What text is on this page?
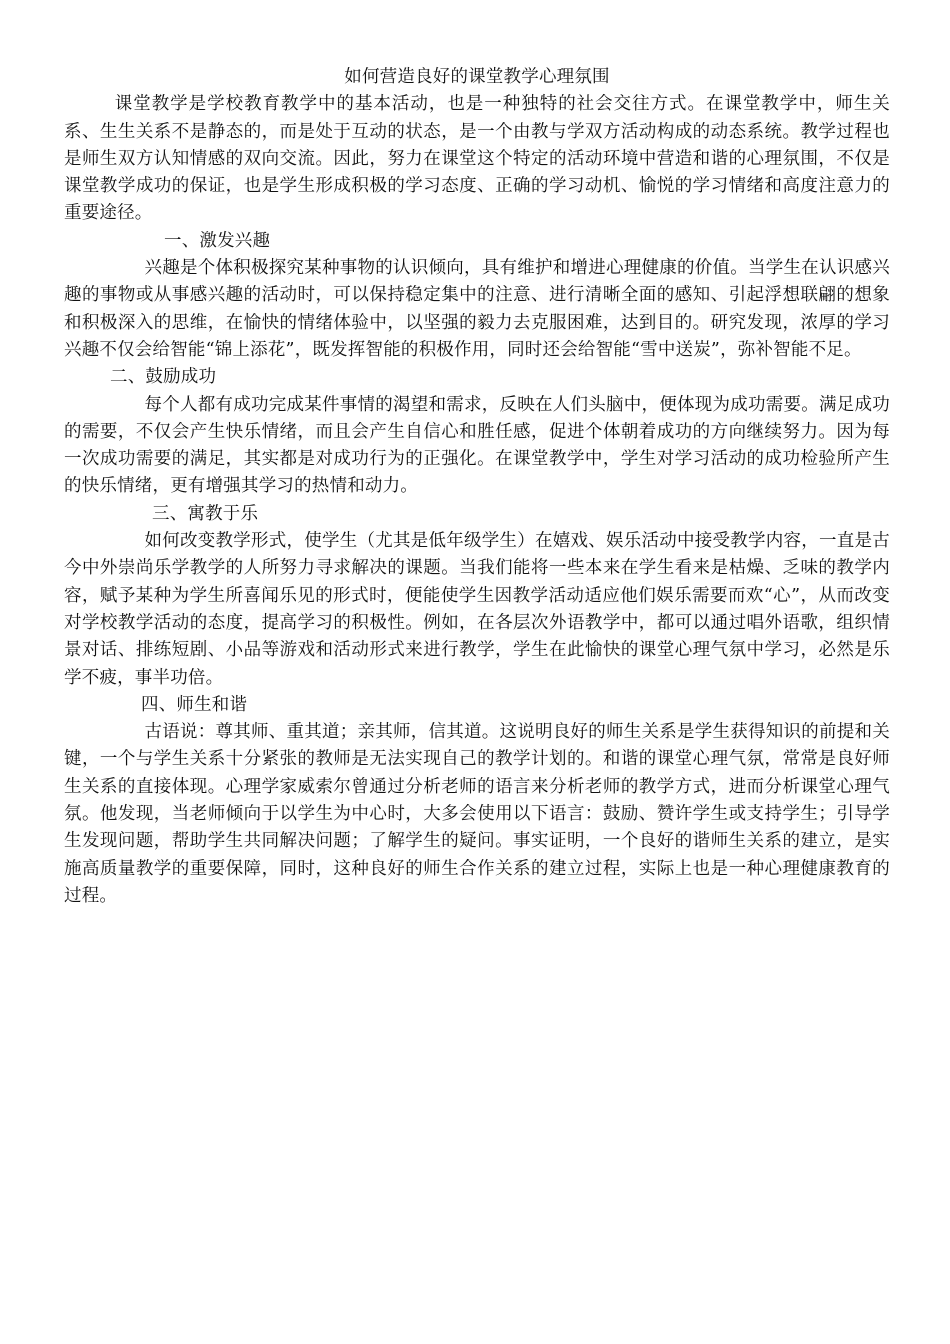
如何营造良好的课堂教学心理氛围

课堂教学是学校教育教学中的基本活动，也是一种独特的社会交往方式。在课堂教学中，师生关系、生生关系不是静态的，而是处于互动的状态，是一个由教与学双方活动构成的动态系统。教学过程也是师生双方认知情感的双向交流。因此，努力在课堂这个特定的活动环境中营造和谐的心理氛围，不仅是课堂教学成功的保证，也是学生形成积极的学习态度、正确的学习动机、愉悦的学习情绪和高度注意力的重要途径。

一、激发兴趣

兴趣是个体积极探究某种事物的认识倾向，具有维护和增进心理健康的价值。当学生在认识感兴趣的事物或从事感兴趣的活动时，可以保持稳定集中的注意、进行清晰全面的感知、引起浮想联翩的想象和积极深入的思维，在愉快的情绪体验中，以坚强的毅力去克服困难，达到目的。研究发现，浓厚的学习兴趣不仅会给智能“锦上添花”，既发挥智能的积极作用，同时还会给智能“雪中送炭”，弥补智能不足。

二、鼓励成功

每个人都有成功完成某件事情的渴望和需求，反映在人们头脑中，便体现为成功需要。满足成功的需要，不仅会产生快乐情绪，而且会产生自信心和胜任感，促进个体朝着成功的方向继续努力。因为每一次成功需要的满足，其实都是对成功行为的正强化。在课堂教学中，学生对学习活动的成功检验所产生的快乐情绪，更有增强其学习的热情和动力。

三、寓教于乐

如何改变教学形式，使学生（尤其是低年级学生）在嬉戏、娱乐活动中接受教学内容，一直是古今中外崇尚乐学教学的人所努力寻求解决的课题。当我们能将一些本来在学生看来是枯燥、乏味的教学内容，赋予某种为学生所喜闻乐见的形式时，便能使学生因教学活动适应他们娱乐需要而欢“心”，从而改变对学校教学活动的态度，提高学习的积极性。例如，在各层次外语教学中，都可以通过唱外语歌，组织情景对话、排练短剧、小品等游戏和活动形式来进行教学，学生在此愉快的课堂心理气氛中学习，必然是乐学不疲，事半功倍。

四、师生和谐

古语说：尊其师、重其道；亲其师，信其道。这说明良好的师生关系是学生获得知识的前提和关键，一个与学生关系十分紧张的教师是无法实现自己的教学计划的。和谐的课堂心理气氛，常常是良好师生关系的直接体现。心理学家威索尔曾通过分析老师的语言来分析老师的教学方式，进而分析课堂心理气氛。他发现，当老师倾向于以学生为中心时，大多会使用以下语言：鼓励、赞许学生或支持学生；引导学生发现问题，帮助学生共同解决问题；了解学生的疑问。事实证明，一个良好的谐师生关系的建立，是实施高质量教学的重要保障，同时，这种良好的师生合作关系的建立过程，实际上也是一种心理健康教育的过程。
